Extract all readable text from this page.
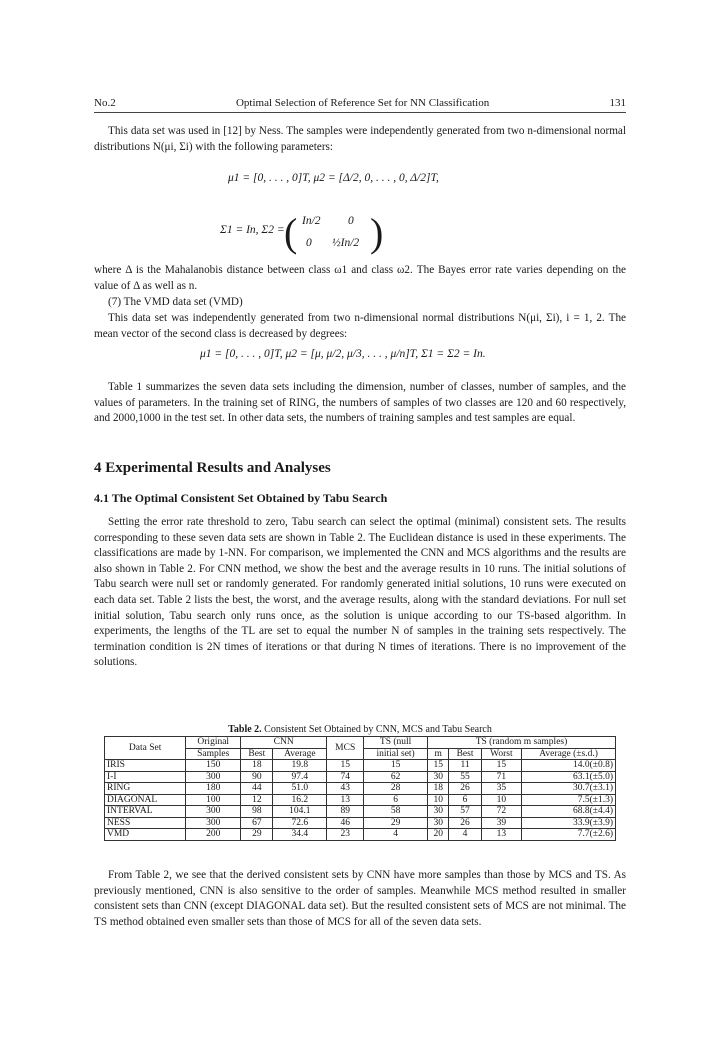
No.2	Optimal Selection of Reference Set for NN Classification	131

This data set was used in [12] by Ness. The samples were independently generated from two n-dimensional normal distributions N(μi, Σi) with the following parameters:

μ1 = [0, . . . , 0]T, μ2 = [Δ/2, 0, . . . , 0, Δ/2]T,
Σ1 = In, Σ2 = ( In/2 0
0 ½In/2 )

where Δ is the Mahalanobis distance between class ω1 and class ω2. The Bayes error rate varies depending on the value of Δ as well as n.

(7) The VMD data set (VMD)

This data set was independently generated from two n-dimensional normal distributions N(μi, Σi), i = 1, 2. The mean vector of the second class is decreased by degrees:

μ1 = [0, . . . , 0]T, μ2 = [μ, μ/2, μ/3, . . . , μ/n]T, Σ1 = Σ2 = In.

Table 1 summarizes the seven data sets including the dimension, number of classes, number of samples, and the values of parameters. In the training set of RING, the numbers of samples of two classes are 120 and 60 respectively, and 2000,1000 in the test set. In other data sets, the numbers of training samples and test samples are equal.

4 Experimental Results and Analyses
4.1 The Optimal Consistent Set Obtained by Tabu Search

Setting the error rate threshold to zero, Tabu search can select the optimal (minimal) consistent sets. The results corresponding to these seven data sets are shown in Table 2. The Euclidean distance is used in these experiments. The classifications are made by 1-NN. For comparison, we implemented the CNN and MCS algorithms and the results are also shown in Table 2. For CNN method, we show the best and the average results in 10 runs. The initial solutions of Tabu search were null set or randomly generated. For randomly generated initial solutions, 10 runs were executed on each data set. Table 2 lists the best, the worst, and the average results, along with the standard deviations. For null set initial solution, Tabu search only runs once, as the solution is unique according to our TS-based algorithm. In experiments, the lengths of the TL are set to equal the number N of samples in the training sets respectively. The termination condition is 2N times of iterations or that during N times of iterations. There is no improvement of the solutions.

Table 2. Consistent Set Obtained by CNN, MCS and Tabu Search
Data Set	Original	CNN		MCS	TS (null	TS (random m samples)			
	Samples	Best	Average		initial set)	m	Best	Worst	Average (±s.d.)
IRIS	150	18	19.8	15	15	15	11	15	14.0(±0.8)
I-I	300	90	97.4	74	62	30	55	71	63.1(±5.0)
RING	180	44	51.0	43	28	18	26	35	30.7(±3.1)
DIAGONAL	100	12	16.2	13	6	10	6	10	7.5(±1.3)
INTERVAL	300	98	104.1	89	58	30	57	72	68.8(±4.4)
NESS	300	67	72.6	46	29	30	26	39	33.9(±3.9)
VMD	200	29	34.4	23	4	20	4	13	7.7(±2.6)

From Table 2, we see that the derived consistent sets by CNN have more samples than those by MCS and TS. As previously mentioned, CNN is also sensitive to the order of samples. Meanwhile MCS method resulted in smaller consistent sets than CNN (except DIAGONAL data set). But the resulted consistent sets of MCS are not minimal. The TS method obtained even smaller sets than those of MCS for all of the seven data sets.
